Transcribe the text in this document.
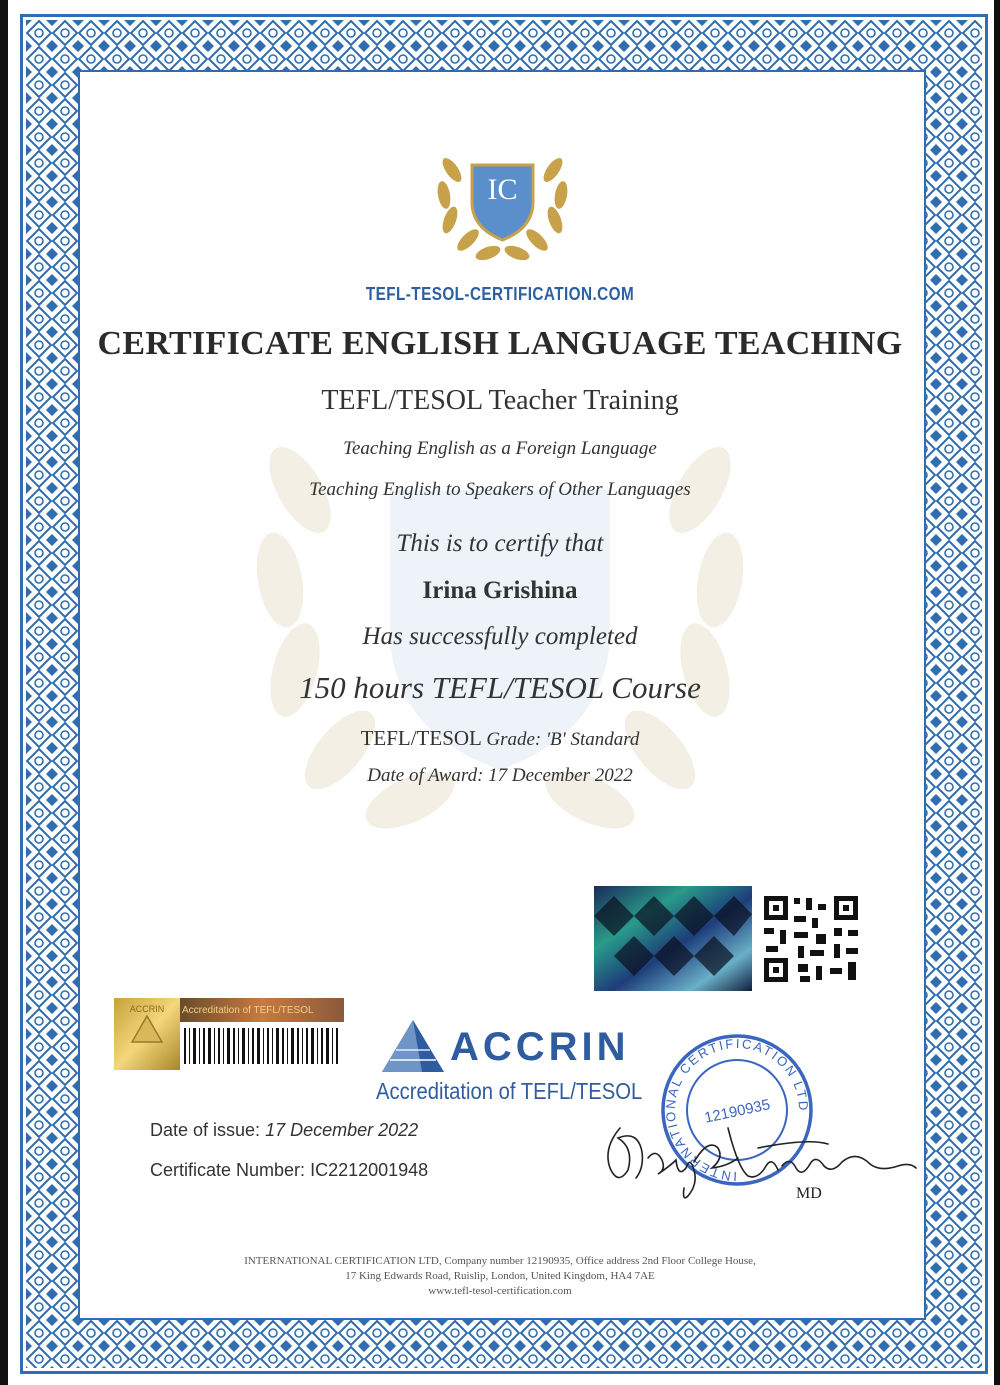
IC
TEFL-TESOL-CERTIFICATION.COM
CERTIFICATE ENGLISH LANGUAGE TEACHING
TEFL/TESOL Teacher Training
Teaching English as a Foreign Language
Teaching English to Speakers of Other Languages
This is to certify that
Irina Grishina
Has successfully completed
150 hours TEFL/TESOL Course
TEFL/TESOL Grade: 'B' Standard
Date of Award: 17 December 2022
ACCRIN	Accreditation of TEFL/TESOL
ACCRIN
Accreditation of TEFL/TESOL
Date of issue: 17 December 2022
Certificate Number: IC2212001948	INTERNATIONAL CERTIFICATION LTD
12190935
MD
INTERNATIONAL CERTIFICATION LTD, Company number 12190935, Office address 2nd Floor College House,
17 King Edwards Road, Ruislip, London, United Kingdom, HA4 7AE
www.tefl-tesol-certification.com
